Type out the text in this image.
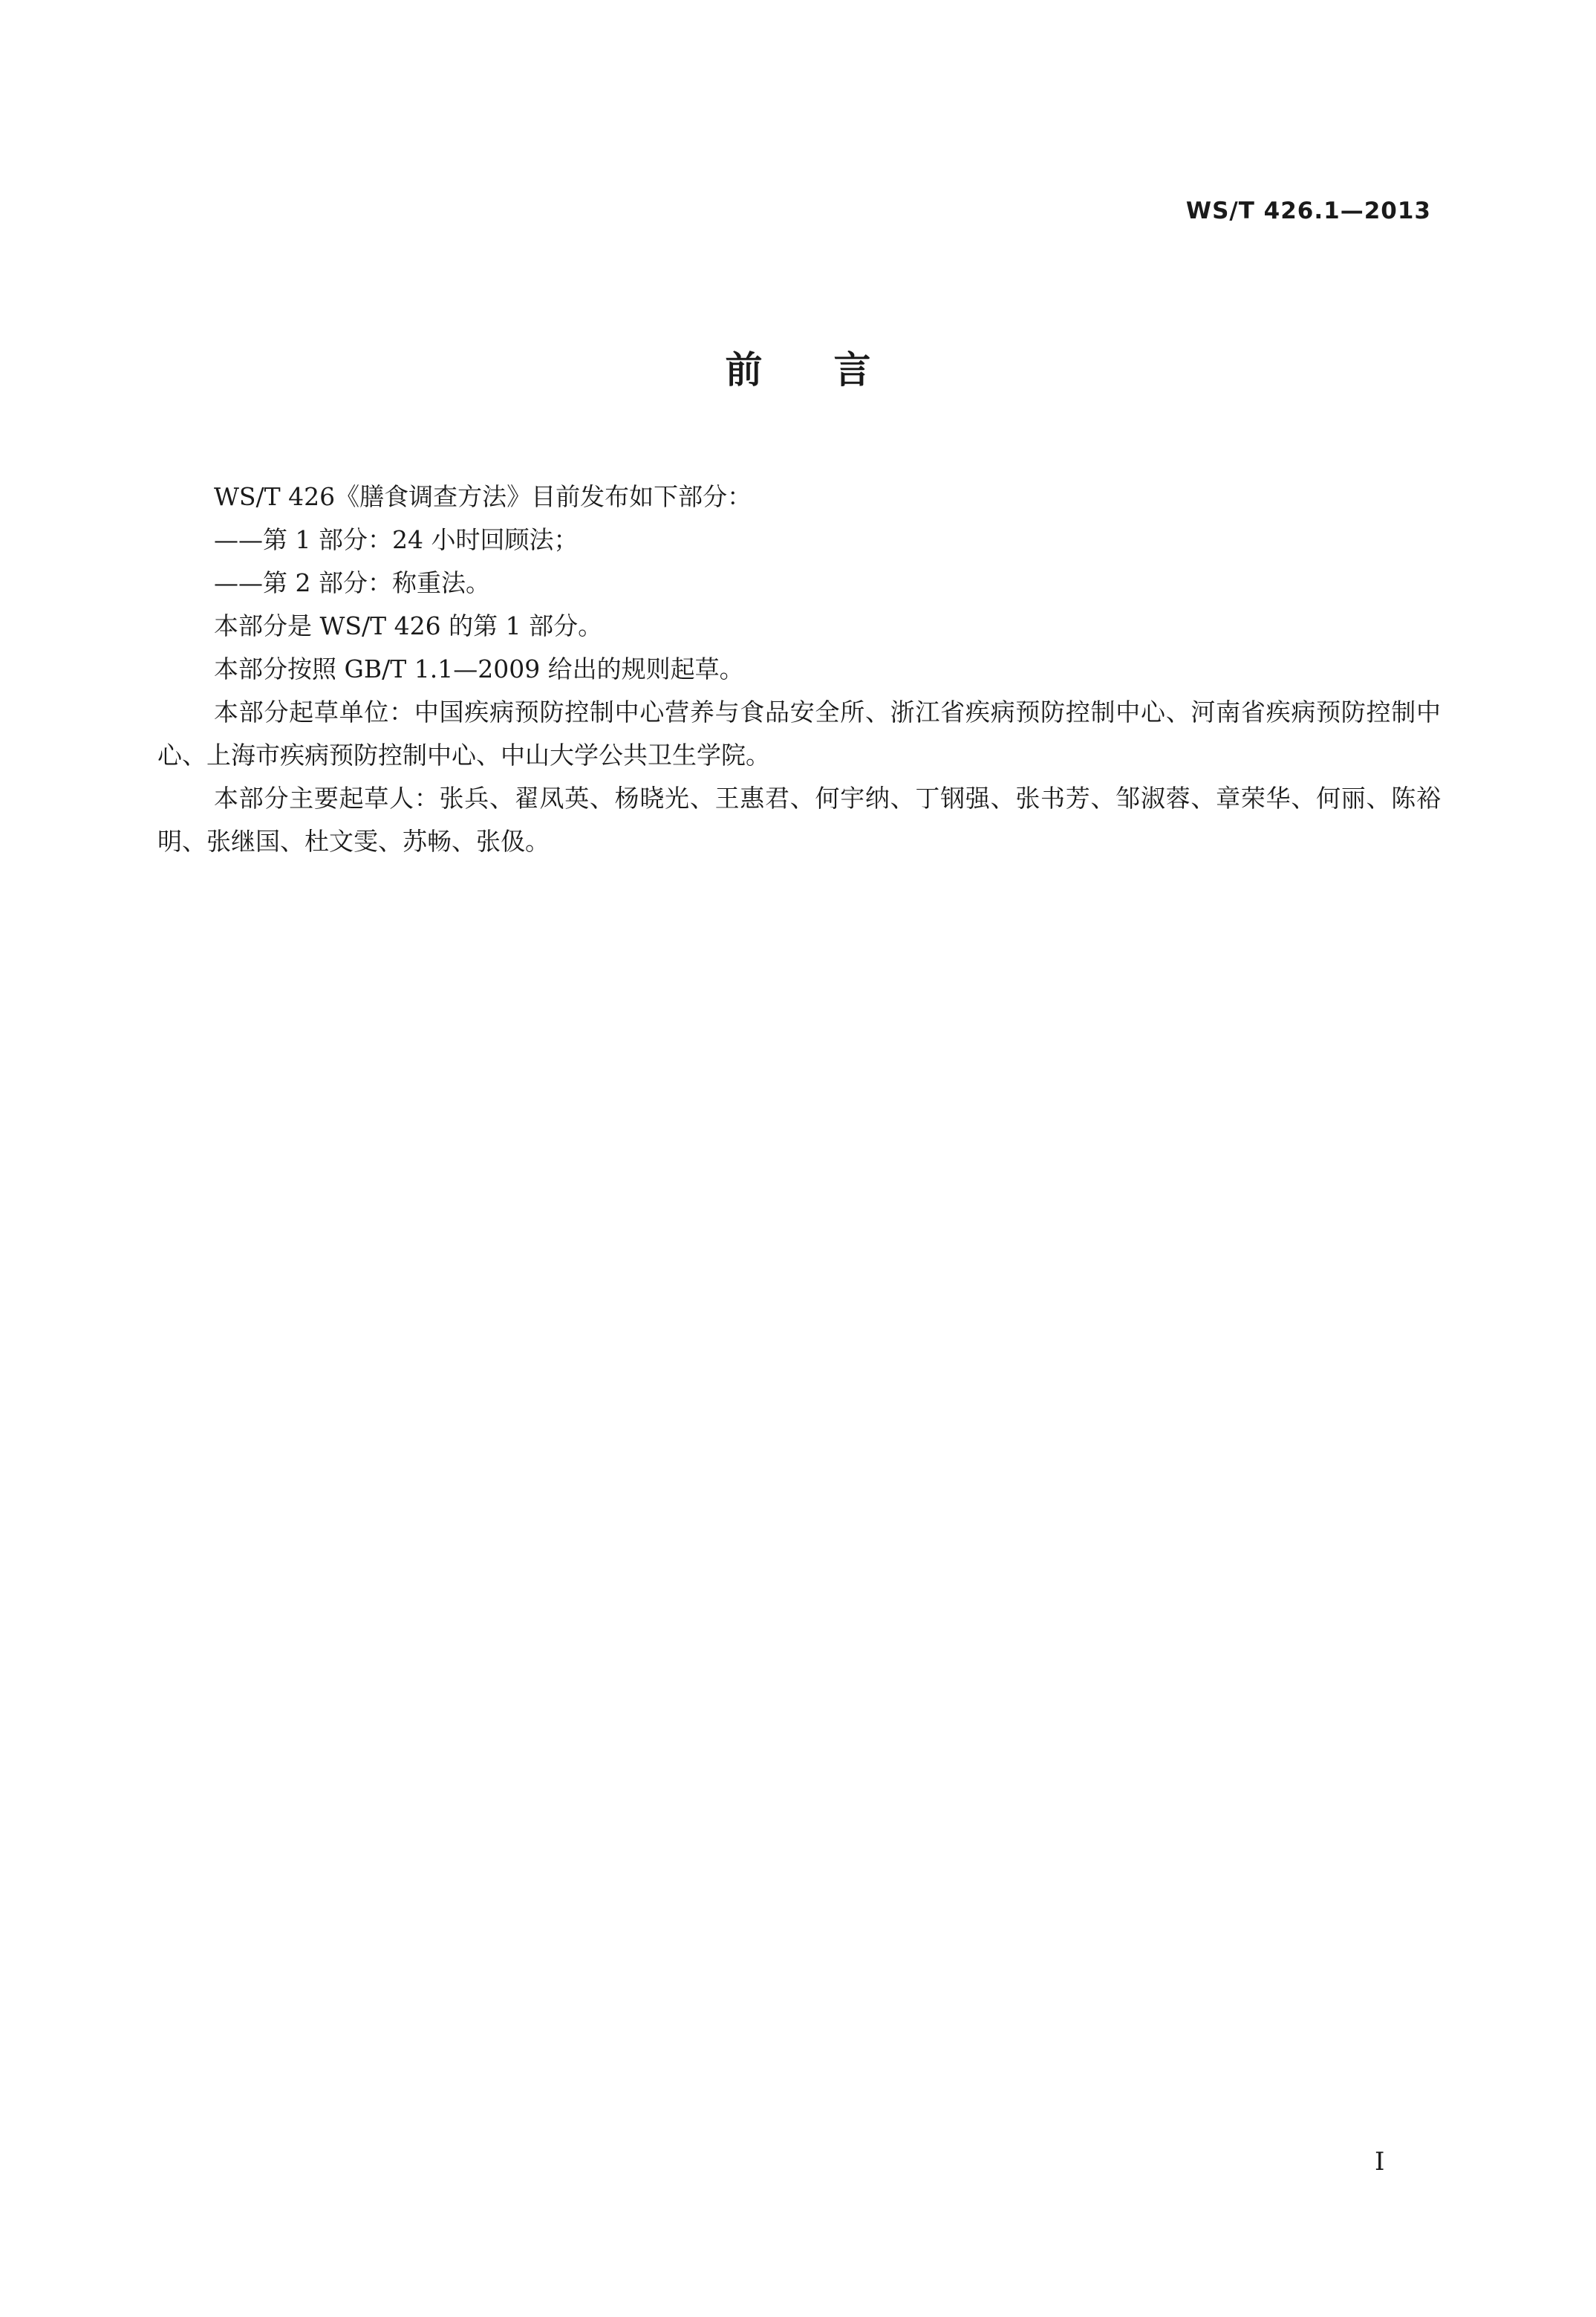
WS/T 426.1—2013
前言

WS/T 426《膳食调查方法》目前发布如下部分：

——第 1 部分：24 小时回顾法；

——第 2 部分：称重法。

本部分是 WS/T 426 的第 1 部分。

本部分按照 GB/T 1.1—2009 给出的规则起草。

本部分起草单位：中国疾病预防控制中心营养与食品安全所、浙江省疾病预防控制中心、河南省疾病预防控制中心、上海市疾病预防控制中心、中山大学公共卫生学院。

本部分主要起草人：张兵、翟凤英、杨晓光、王惠君、何宇纳、丁钢强、张书芳、邹淑蓉、章荣华、何丽、陈裕明、张继国、杜文雯、苏畅、张伋。

I
